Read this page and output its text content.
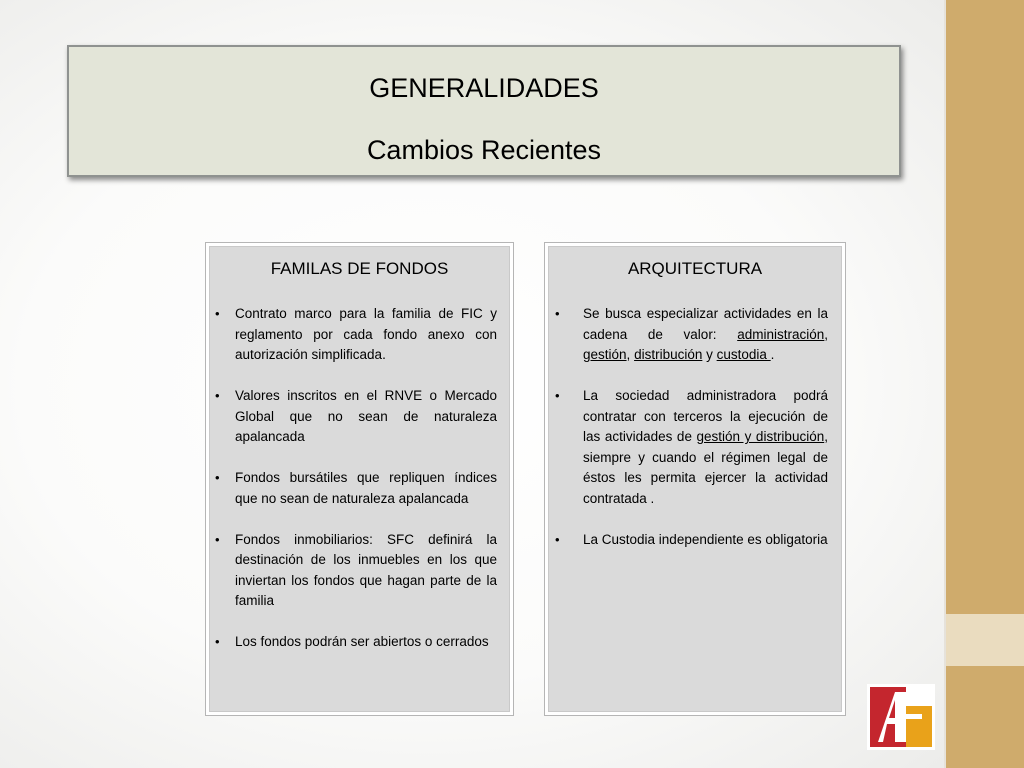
GENERALIDADES
Cambios Recientes
FAMILAS DE FONDOS
• Contrato marco para la familia de FIC y reglamento por cada fondo anexo con autorización simplificada.
• Valores inscritos en el RNVE o Mercado Global que no sean de naturaleza apalancada
• Fondos bursátiles que repliquen índices que no sean de naturaleza apalancada
• Fondos inmobiliarios: SFC definirá la destinación de los inmuebles en los que inviertan los fondos que hagan parte de la familia
• Los fondos podrán ser abiertos o cerrados
ARQUITECTURA
• Se busca especializar actividades en la cadena de valor: administración, gestión, distribución y custodia .
• La sociedad administradora podrá contratar con terceros la ejecución de las actividades de gestión y distribución, siempre y cuando el régimen legal de éstos les permita ejercer la actividad contratada .
• La Custodia independiente es obligatoria
